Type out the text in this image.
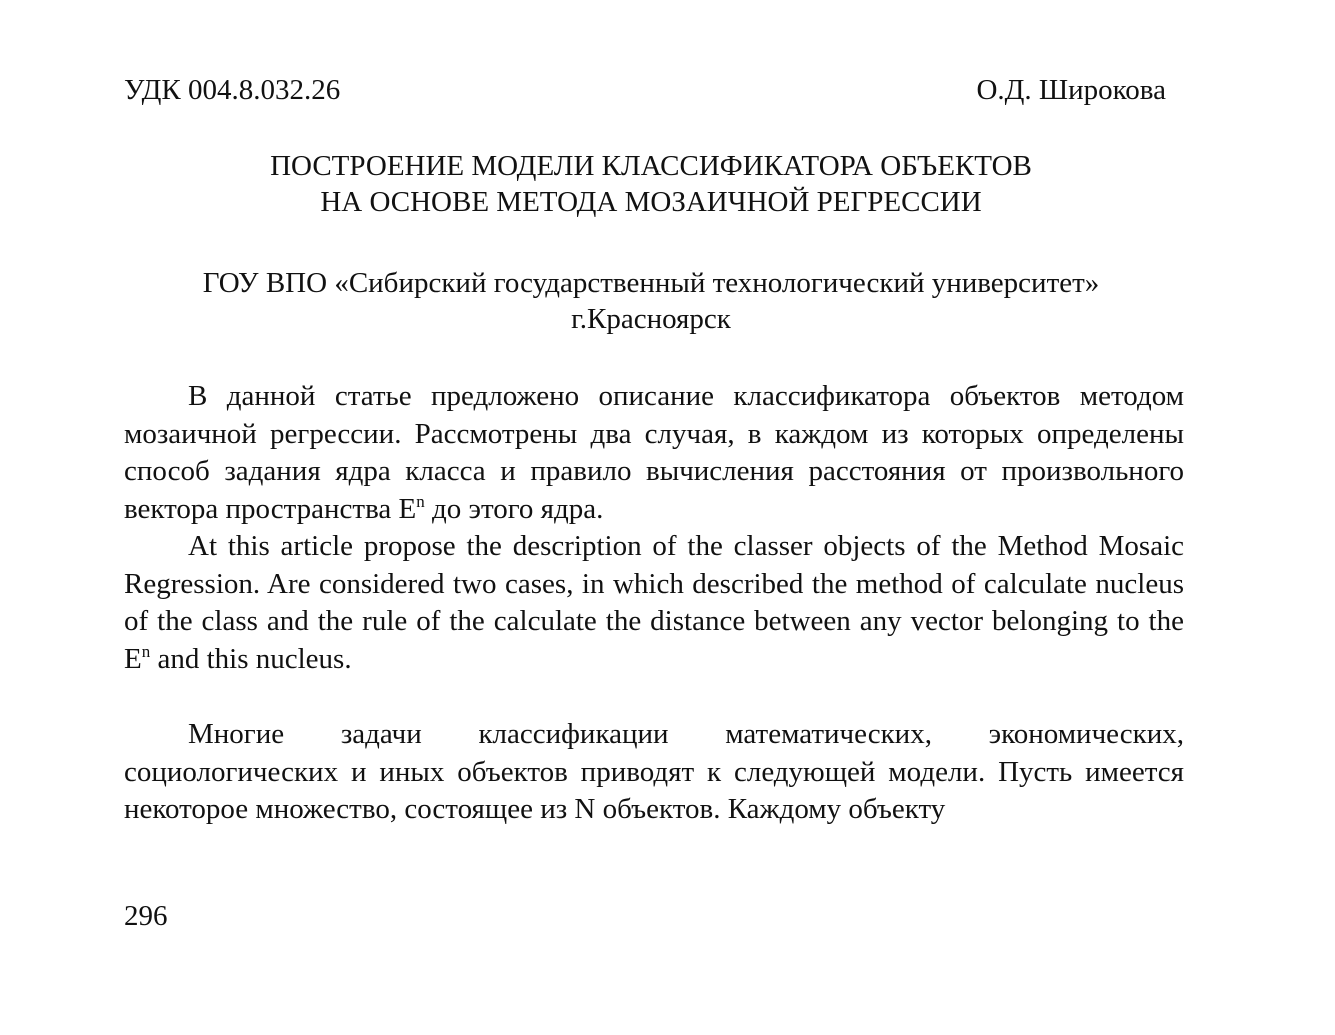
УДК 004.8.032.26	О.Д. Широкова
ПОСТРОЕНИЕ МОДЕЛИ КЛАССИФИКАТОРА ОБЪЕКТОВ
НА ОСНОВЕ МЕТОДА МОЗАИЧНОЙ РЕГРЕССИИ
ГОУ ВПО «Сибирский государственный технологический университет»
г.Красноярск

В данной статье предложено описание классификатора объектов методом мозаичной регрессии. Рассмотрены два случая, в каждом из которых определены способ задания ядра класса и правило вычисления расстояния от произвольного вектора пространства $E^n$ до этого ядра.

At this article propose the description of the classer objects of the Method Mosaic Regression. Are considered two cases, in which described the method of calculate nucleus of the class and the rule of the calculate the distance between any vector belonging to the $E^n$ and this nucleus.

Многие задачи классификации математических, экономических, социологических и иных объектов приводят к следующей модели. Пусть имеется некоторое множество, состоящее из N объектов. Каждому объекту

296
